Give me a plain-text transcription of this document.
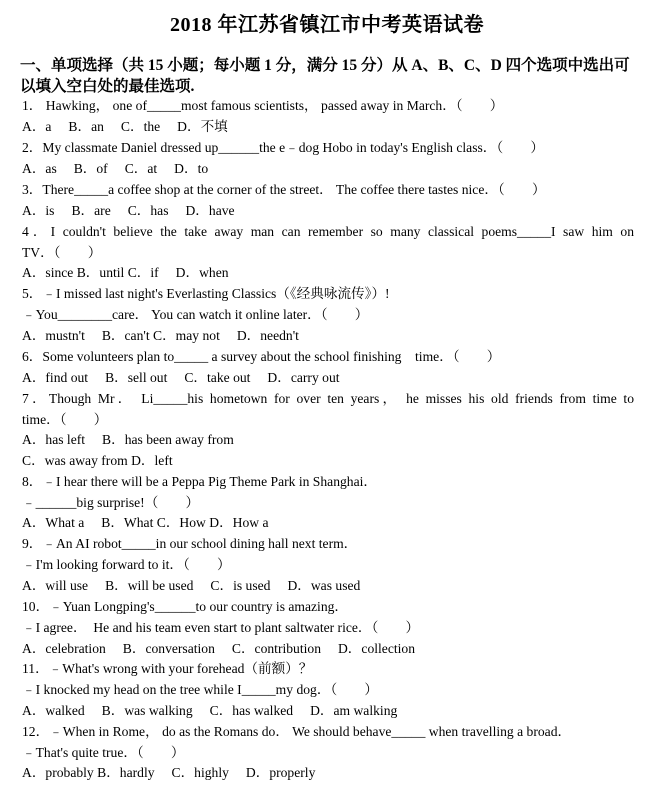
2018 年江苏省镇江市中考英语试卷
一、单项选择（共 15 小题；每小题 1 分，满分 15 分）从 A、B、C、D 四个选项中选出可以填入空白处的最佳选项.
1． Hawking， one of_____most famous scientists， passed away in March．（　　）
A．a　 B．an　 C．the　 D．不填
2．My classmate Daniel dressed up______the e﹣dog Hobo in today's English class．（　　）
A．as　 B．of　 C．at　 D．to
3．There_____a coffee shop at the corner of the street． The coffee there tastes nice．（　　）
A．is　 B．are　 C．has　 D．have
4．I couldn't believe the take away man can remember so many classical poems_____I saw him on
TV．（　　）
A．since B．until C．if　 D．when
5．﹣I missed last night's Everlasting Classics（《经典咏流传》）!
﹣You________care． You can watch it online later．（　　）
A．mustn't　 B．can't C．may not　 D．needn't
6．Some volunteers plan to_____ a survey about the school finishing　time．（　　）
A．find out　 B．sell out　 C．take out　 D．carry out
7．Though Mr． Li_____his hometown for over ten years， he misses his old friends from time to
time．（　　）
A．has left　 B．has been away from
C．was away from D．left
8．﹣I hear there will be a Peppa Pig Theme Park in Shanghai．
﹣______big surprise!（　　）
A．What a　 B．What C．How D．How a
9．﹣An AI robot_____in our school dining hall next term．
﹣I'm looking forward to it．（　　）
A．will use　 B．will be used　 C．is used　 D．was used
10．﹣Yuan Longping's______to our country is amazing．
﹣I agree．　He and his team even start to plant saltwater rice．（　　）
A．celebration　 B．conversation　 C．contribution　 D．collection
11．﹣What's wrong with your forehead（前额）？
﹣I knocked my head on the tree while I_____my dog．（　　）
A．walked　 B．was walking　 C．has walked　 D．am walking
12．﹣When in Rome， do as the Romans do． We should behave_____ when travelling a broad．
﹣That's quite true．（　　）
A．probably B．hardly　 C．highly　 D．properly
